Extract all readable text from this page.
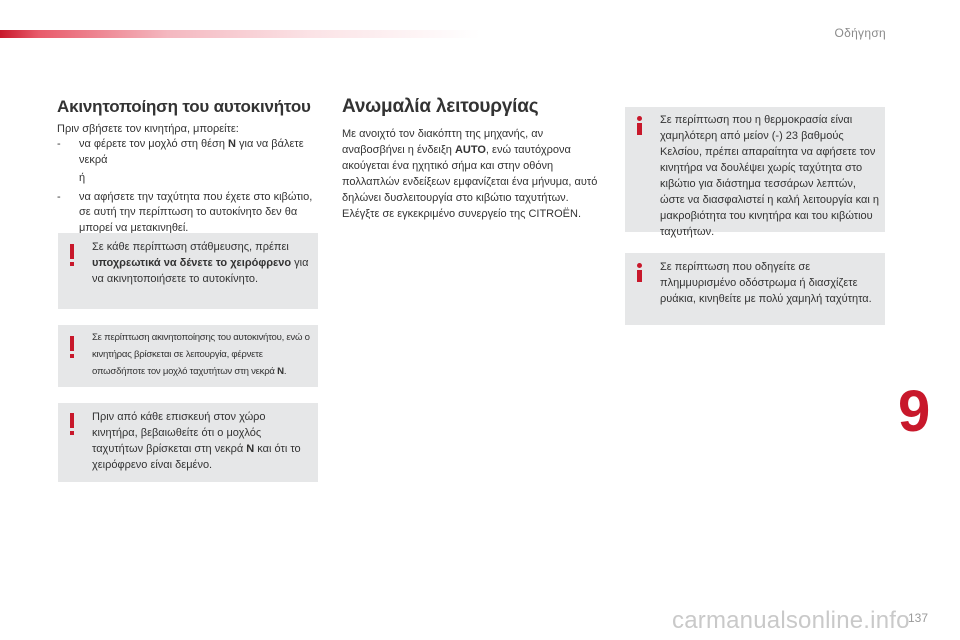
Οδήγηση
Ακινητοποίηση του αυτοκινήτου

Πριν σβήσετε τον κινητήρα, μπορείτε:

- να φέρετε τον μοχλό στη θέση N για να βάλετε νεκρά
ή
- να αφήσετε την ταχύτητα που έχετε στο κιβώτιο, σε αυτή την περίπτωση το αυτοκίνητο δεν θα μπορεί να μετακινηθεί.
Σε κάθε περίπτωση στάθμευσης, πρέπει υποχρεωτικά να δένετε το χειρόφρενο για να ακινητοποιήσετε το αυτοκίνητο.
Σε περίπτωση ακινητοποίησης του αυτοκινήτου, ενώ ο κινητήρας βρίσκεται σε λειτουργία, φέρνετε οπωσδήποτε τον μοχλό ταχυτήτων στη νεκρά N.
Πριν από κάθε επισκευή στον χώρο κινητήρα, βεβαιωθείτε ότι ο μοχλός ταχυτήτων βρίσκεται στη νεκρά N και ότι το χειρόφρενο είναι δεμένο.
Ανωμαλία λειτουργίας
Με ανοιχτό τον διακόπτη της μηχανής, αν αναβοσβήνει η ένδειξη AUTO, ενώ ταυτόχρονα ακούγεται ένα ηχητικό σήμα και στην οθόνη πολλαπλών ενδείξεων εμφανίζεται ένα μήνυμα, αυτό δηλώνει δυσλειτουργία στο κιβώτιο ταχυτήτων.
Ελέγξτε σε εγκεκριμένο συνεργείο της CITROËN.
Σε περίπτωση που η θερμοκρασία είναι χαμηλότερη από μείον (-) 23 βαθμούς Κελσίου, πρέπει απαραίτητα να αφήσετε τον κινητήρα να δουλέψει χωρίς ταχύτητα στο κιβώτιο για διάστημα τεσσάρων λεπτών, ώστε να διασφαλιστεί η καλή λειτουργία και η μακροβιότητα του κινητήρα και του κιβώτιου ταχυτήτων.
Σε περίπτωση που οδηγείτε σε πλημμυρισμένο οδόστρωμα ή διασχίζετε ρυάκια, κινηθείτε με πολύ χαμηλή ταχύτητα.
9
carmanualsonline.info
137
